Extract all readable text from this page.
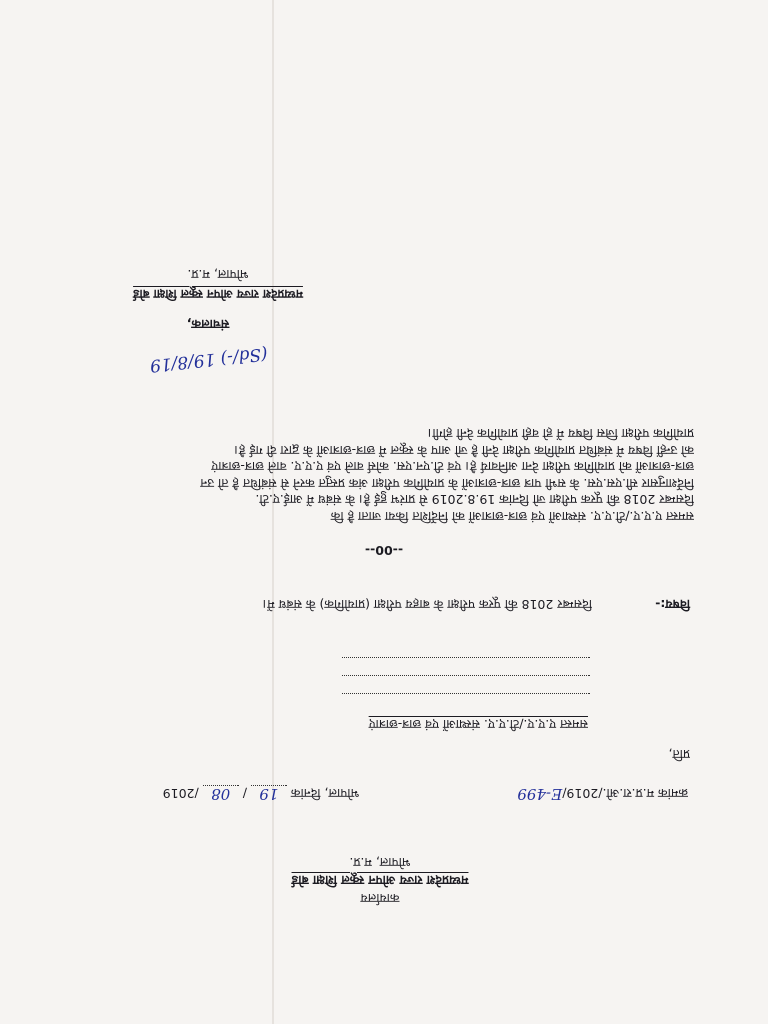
कार्यालय
मध्यप्रदेश राज्य ओपन स्कूल शिक्षा बोर्ड
भोपाल, म.प्र.
क्रमांक म.प्र.रा.ओ./2019/E-499  भोपाल, दिनांक 19 / 08 /2019
प्रति,
समस्त ए.ए.ए./टी.ए.ए. संस्थाओं एवं छात्र-छात्राएं
विषय:-
दिसम्बर 2018 की पूरक परीक्षा के बाहय परीक्षा (प्रायोगिक) के संबंध में।
--00--

समस्त ए.ए.ए./टी.ए.ए. संस्थाओं एवं छात्र-छात्राओं को निर्देशित किया जाता है कि

दिसम्बर 2018 की पूरक परीक्षा जो दिनांक 19.8.2019 से प्रारंभ हुई है। के संबंध में आई.ए.टी.

निर्देशानुसार सी.एस.एस. के सभी पात्र छात्र-छात्राओं के प्रायोगिक परीक्षा अंक प्रस्तुत करने से संबंधित है तो उन

छात्र-छात्राओं को प्रायोगिक परीक्षा देना अनिवार्य है। एवं टी.एन.एस. कोर्स वाले एवं ए.ए.ए. वाले छात्र-छात्राएं

को उन्हीं विषय में संबंधित प्रायोगिक परीक्षा देनी है जो आप के स्कूल में छात्र-छात्राओं के द्वारा दी गई है।

प्रायोगिक परीक्षा जिस विषय में हो वही प्रायोगिक देनी होगी।

(Sd/-) 19/8/19
संचालक,
मध्यप्रदेश राज्य ओपन स्कूल शिक्षा बोर्ड
भोपाल, म.प्र.
